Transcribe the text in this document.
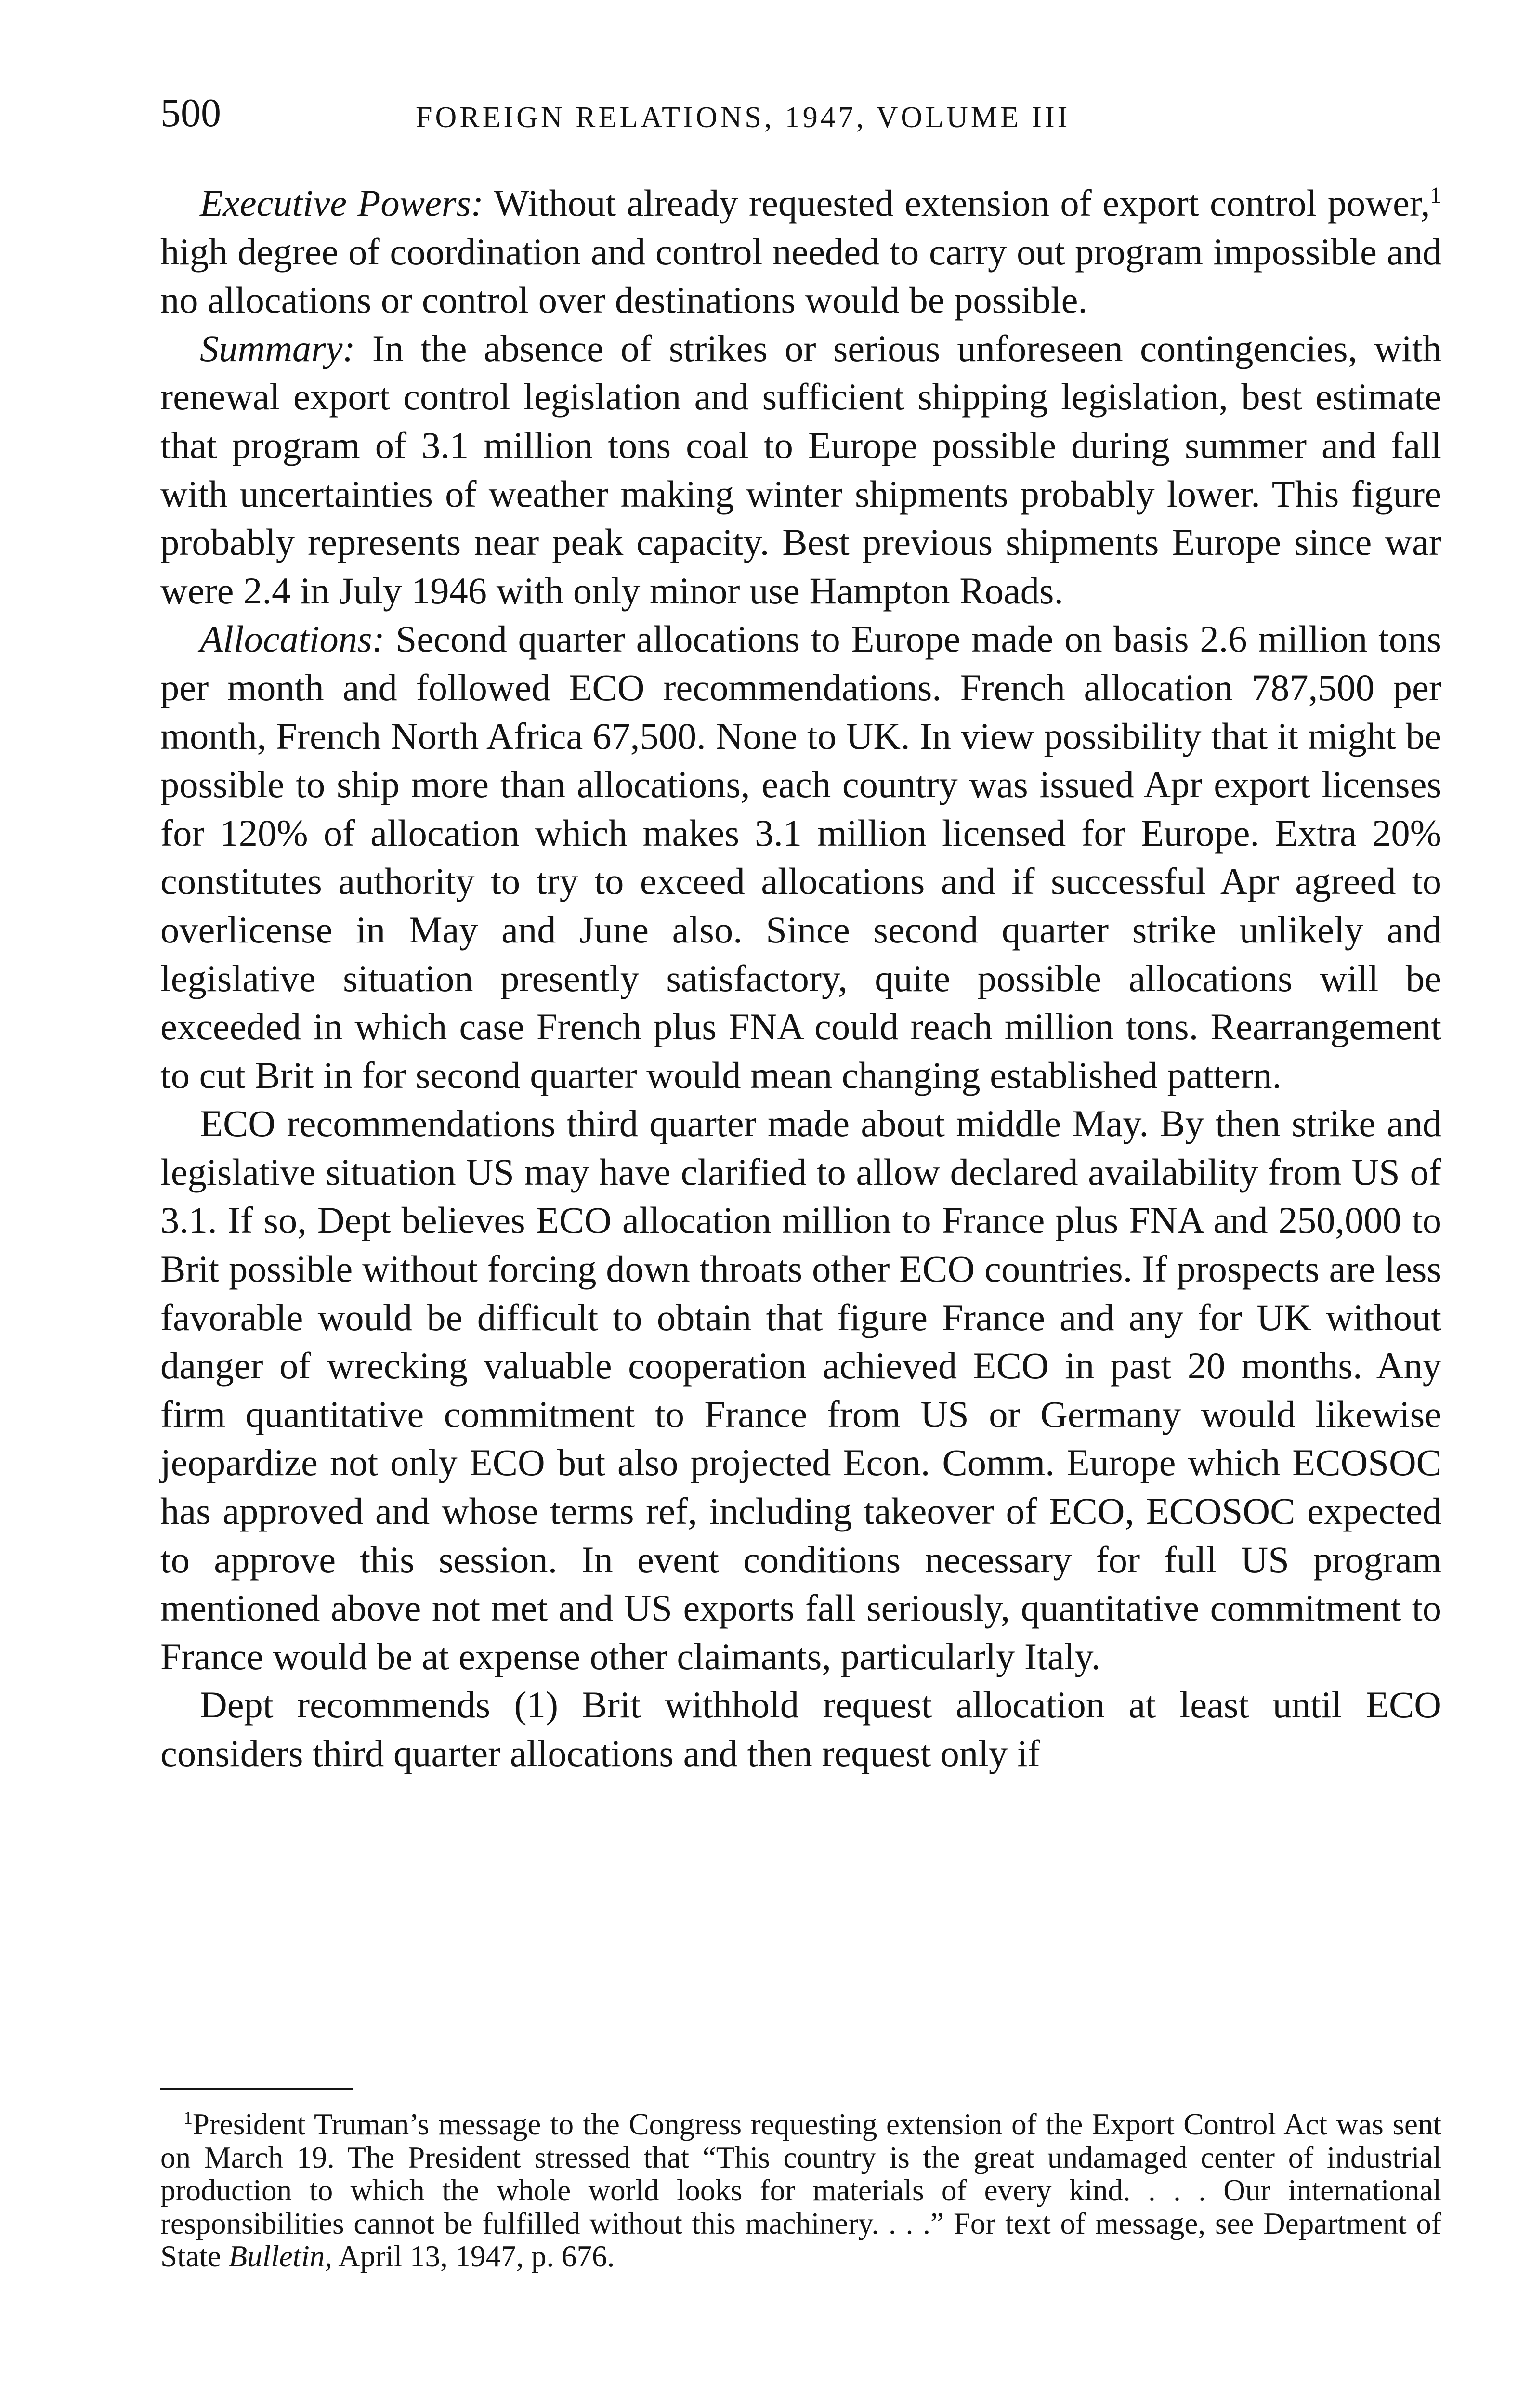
500	FOREIGN RELATIONS, 1947, VOLUME III

Executive Powers: Without already requested extension of export control power,$^1$ high degree of coordination and control needed to carry out program impossible and no allocations or control over destinations would be possible.

Summary: In the absence of strikes or serious unforeseen contingencies, with renewal export control legislation and sufficient shipping legislation, best estimate that program of 3.1 million tons coal to Europe possible during summer and fall with uncertainties of weather making winter shipments probably lower. This figure probably represents near peak capacity. Best previous shipments Europe since war were 2.4 in July 1946 with only minor use Hampton Roads.

Allocations: Second quarter allocations to Europe made on basis 2.6 million tons per month and followed ECO recommendations. French allocation 787,500 per month, French North Africa 67,500. None to UK. In view possibility that it might be possible to ship more than allocations, each country was issued Apr export licenses for 120% of allocation which makes 3.1 million licensed for Europe. Extra 20% constitutes authority to try to exceed allocations and if successful Apr agreed to overlicense in May and June also. Since second quarter strike unlikely and legislative situation presently satisfactory, quite possible allocations will be exceeded in which case French plus FNA could reach million tons. Rearrangement to cut Brit in for second quarter would mean changing established pattern.

ECO recommendations third quarter made about middle May. By then strike and legislative situation US may have clarified to allow declared availability from US of 3.1. If so, Dept believes ECO allocation million to France plus FNA and 250,000 to Brit possible without forcing down throats other ECO countries. If prospects are less favorable would be difficult to obtain that figure France and any for UK without danger of wrecking valuable cooperation achieved ECO in past 20 months. Any firm quantitative commitment to France from US or Germany would likewise jeopardize not only ECO but also projected Econ. Comm. Europe which ECOSOC has approved and whose terms ref, including takeover of ECO, ECOSOC expected to approve this session. In event conditions necessary for full US program mentioned above not met and US exports fall seriously, quantitative commitment to France would be at expense other claimants, particularly Italy.

Dept recommends (1) Brit withhold request allocation at least until ECO considers third quarter allocations and then request only if

$^1$President Truman’s message to the Congress requesting extension of the Export Control Act was sent on March 19. The President stressed that “This country is the great undamaged center of industrial production to which the whole world looks for materials of every kind. . . . Our international responsibilities cannot be fulfilled without this machinery. . . .” For text of message, see Department of State Bulletin, April 13, 1947, p. 676.
